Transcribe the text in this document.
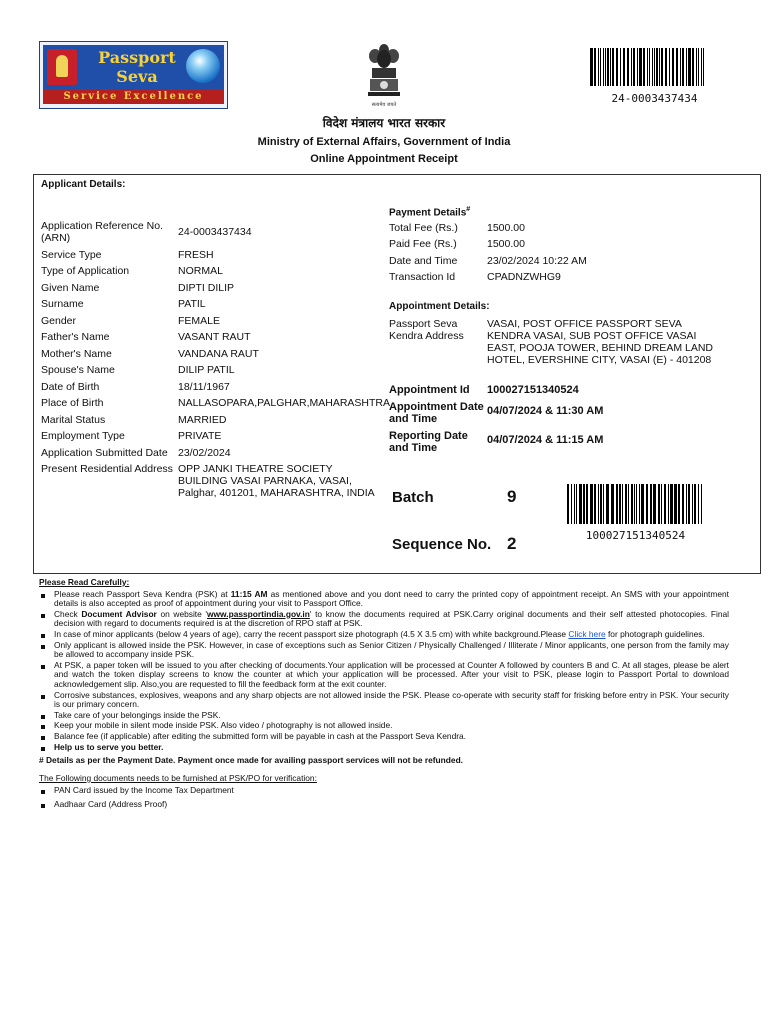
Passport
Seva
Service Excellence
सत्यमेव जयते	24-0003437434
विदेश मंत्रालय भारत सरकार
Ministry of External Affairs, Government of India
Online Appointment Receipt
Applicant Details:
Application Reference No. (ARN)	24-0003437434
Service Type	FRESH
Type of Application	NORMAL
Given Name	DIPTI DILIP
Surname	PATIL
Gender	FEMALE
Father's Name	VASANT RAUT
Mother's Name	VANDANA RAUT
Spouse's Name	DILIP PATIL
Date of Birth	18/11/1967
Place of Birth	NALLASOPARA,PALGHAR,MAHARASHTRA
Marital Status	MARRIED
Employment Type	PRIVATE
Application Submitted Date 23/02/2024
Present Residential Address OPP JANKI THEATRE SOCIETY BUILDING VASAI PARNAKA, VASAI, Palghar, 401201, MAHARASHTRA, INDIA
Payment Details#
Total Fee (Rs.)	1500.00
Paid Fee (Rs.)	1500.00
Date and Time	23/02/2024 10:22 AM
Transaction Id	CPADNZWHG9
Appointment Details:
Passport Seva Kendra Address
VASAI, POST OFFICE PASSPORT SEVA KENDRA VASAI, SUB POST OFFICE VASAI EAST, POOJA TOWER, BEHIND DREAM LAND HOTEL, EVERSHINE CITY, VASAI (E) - 401208
Appointment Id	100027151340524
Appointment Date and Time
04/07/2024 & 11:30 AM
Reporting Date and Time
04/07/2024 & 11:15 AM
Batch	9
Sequence No. 2	100027151340524
Please Read Carefully:
Please reach Passport Seva Kendra (PSK) at 11:15 AM as mentioned above and you dont need to carry the printed copy of appointment receipt. An SMS with your appointment details is also accepted as proof of appointment during your visit to Passport Office.
Check Document Advisor on website 'www.passportindia.gov.in' to know the documents required at PSK.Carry original documents and their self attested photocopies. Final decision with regard to documents required is at the discretion of RPO staff at PSK.
In case of minor applicants (below 4 years of age), carry the recent passport size photograph (4.5 X 3.5 cm) with white background.Please Click here for photograph guidelines.
Only applicant is allowed inside the PSK. However, in case of exceptions such as Senior Citizen / Physically Challenged / Illiterate / Minor applicants, one person from the family may be allowed to accompany inside PSK.
At PSK, a paper token will be issued to you after checking of documents.Your application will be processed at Counter A followed by counters B and C. At all stages, please be alert and watch the token display screens to know the counter at which your application will be processed. After your visit to PSK, please login to Passport Portal to download acknowledgement slip. Also,you are requested to fill the feedback form at the exit counter.
Corrosive substances, explosives, weapons and any sharp objects are not allowed inside the PSK. Please co-operate with security staff for frisking before entry in PSK. Your security is our primary concern.
Take care of your belongings inside the PSK.
Keep your mobile in silent mode inside PSK. Also video / photography is not allowed inside.
Balance fee (if applicable) after editing the submitted form will be payable in cash at the Passport Seva Kendra.
Help us to serve you better.
# Details as per the Payment Date. Payment once made for availing passport services will not be refunded.
The Following documents needs to be furnished at PSK/PO for verification:
PAN Card issued by the Income Tax Department
Aadhaar Card (Address Proof)
